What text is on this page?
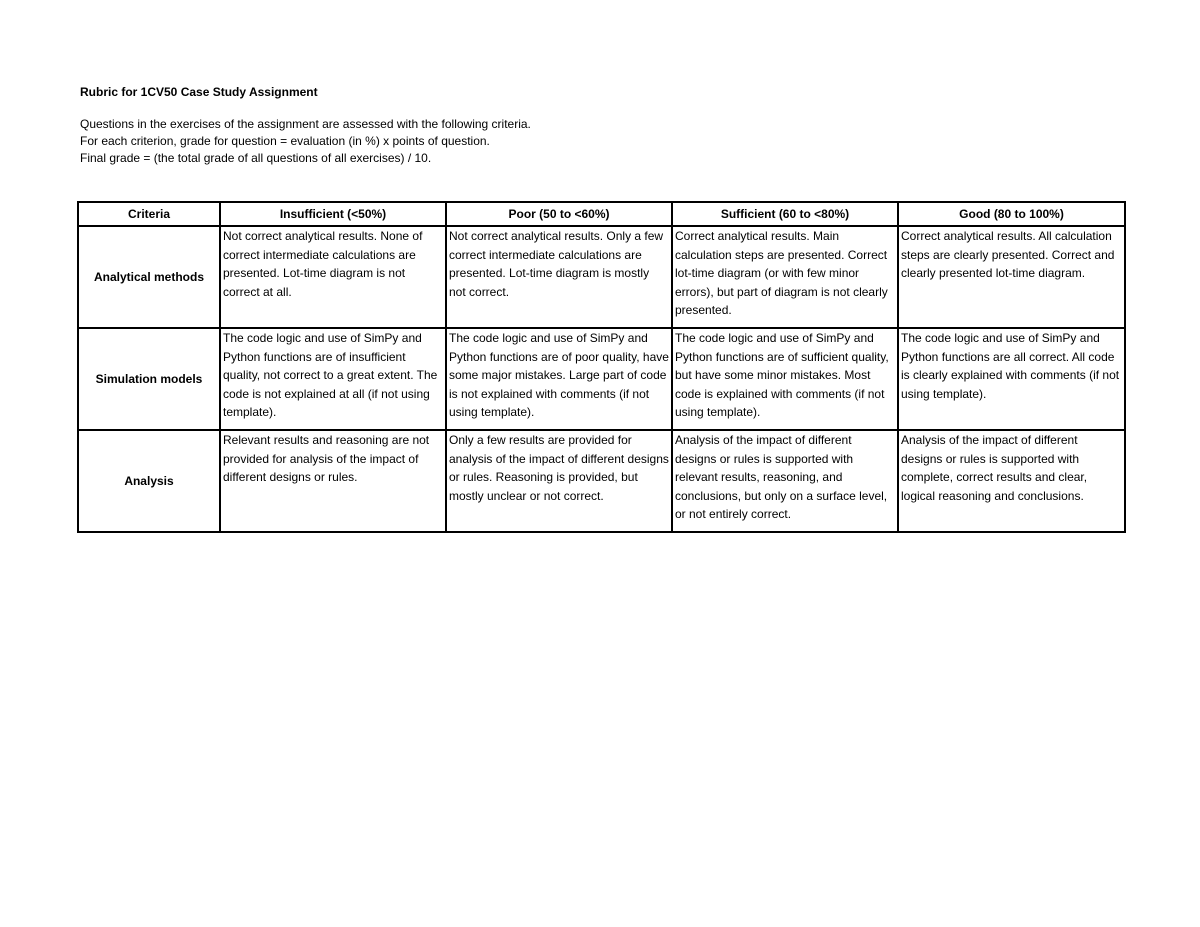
Rubric for 1CV50 Case Study Assignment
Questions in the exercises of the assignment are assessed with the following criteria.
For each criterion, grade for question = evaluation (in %) x points of question.
Final grade = (the total grade of all questions of all exercises) / 10.
Criteria	Insufficient (<50%)	Poor (50 to <60%)	Sufficient (60 to <80%)	Good (80 to 100%)
Analytical methods	Not correct analytical results. None of correct intermediate calculations are presented. Lot-time diagram is not correct at all.	Not correct analytical results. Only a few correct intermediate calculations are presented. Lot-time diagram is mostly not correct.	Correct analytical results. Main calculation steps are presented. Correct lot-time diagram (or with few minor errors), but part of diagram is not clearly presented.	Correct analytical results. All calculation steps are clearly presented. Correct and clearly presented lot-time diagram.
Simulation models	The code logic and use of SimPy and Python functions are of insufficient quality, not correct to a great extent. The code is not explained at all (if not using template).	The code logic and use of SimPy and Python functions are of poor quality, have some major mistakes. Large part of code is not explained with comments (if not using template).	The code logic and use of SimPy and Python functions are of sufficient quality, but have some minor mistakes. Most code is explained with comments (if not using template).	The code logic and use of SimPy and Python functions are all correct. All code is clearly explained with comments (if not using template).
Analysis	Relevant results and reasoning are not provided for analysis of the impact of different designs or rules.	Only a few results are provided for analysis of the impact of different designs or rules. Reasoning is provided, but mostly unclear or not correct.	Analysis of the impact of different designs or rules is supported with relevant results, reasoning, and conclusions, but only on a surface level, or not entirely correct.	Analysis of the impact of different designs or rules is supported with complete, correct results and clear, logical reasoning and conclusions.
